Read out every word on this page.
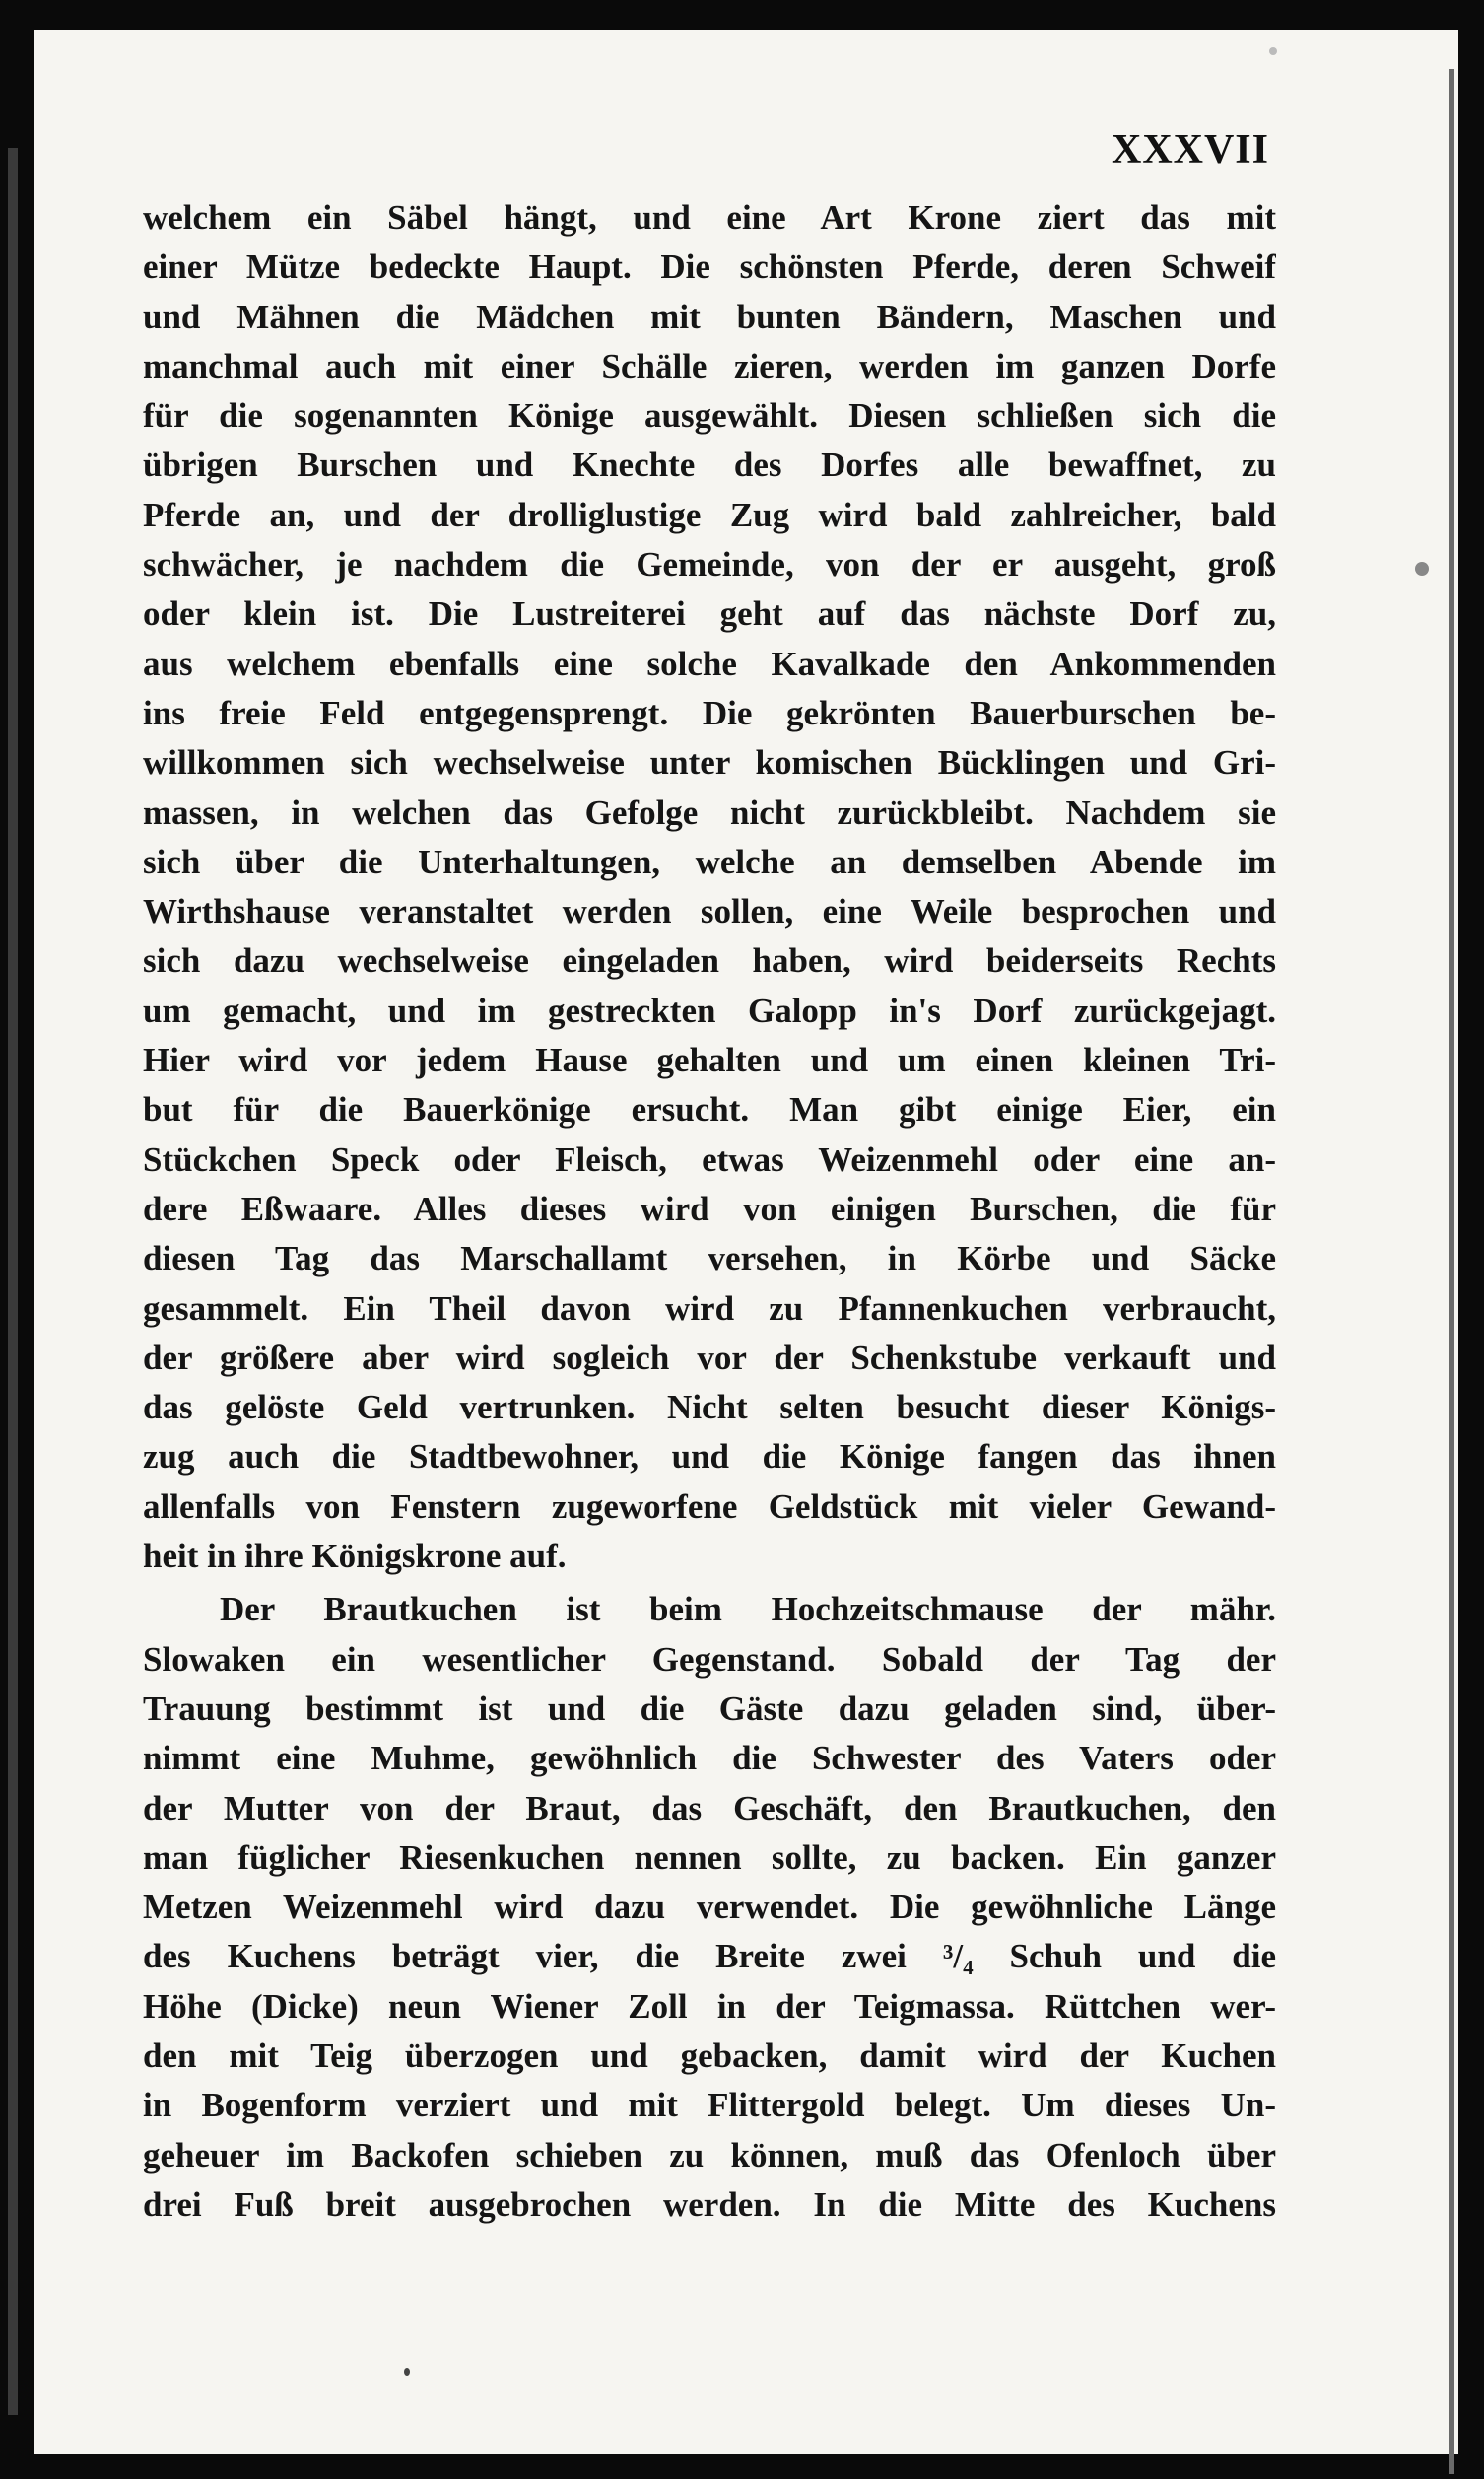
XXXVII
welchem ein Säbel hängt, und eine Art Krone ziert das mit
einer Mütze bedeckte Haupt. Die schönsten Pferde, deren Schweif
und Mähnen die Mädchen mit bunten Bändern, Maschen und
manchmal auch mit einer Schälle zieren, werden im ganzen Dorfe
für die sogenannten Könige ausgewählt. Diesen schließen sich die
übrigen Burschen und Knechte des Dorfes alle bewaffnet, zu
Pferde an, und der drolliglustige Zug wird bald zahlreicher, bald
schwächer, je nachdem die Gemeinde, von der er ausgeht, groß
oder klein ist. Die Lustreiterei geht auf das nächste Dorf zu,
aus welchem ebenfalls eine solche Kavalkade den Ankommenden
ins freie Feld entgegensprengt. Die gekrönten Bauerburschen be-
willkommen sich wechselweise unter komischen Bücklingen und Gri-
massen, in welchen das Gefolge nicht zurückbleibt. Nachdem sie
sich über die Unterhaltungen, welche an demselben Abende im
Wirthshause veranstaltet werden sollen, eine Weile besprochen und
sich dazu wechselweise eingeladen haben, wird beiderseits Rechts
um gemacht, und im gestreckten Galopp in's Dorf zurückgejagt.
Hier wird vor jedem Hause gehalten und um einen kleinen Tri-
but für die Bauerkönige ersucht. Man gibt einige Eier, ein
Stückchen Speck oder Fleisch, etwas Weizenmehl oder eine an-
dere Eßwaare. Alles dieses wird von einigen Burschen, die für
diesen Tag das Marschallamt versehen, in Körbe und Säcke
gesammelt. Ein Theil davon wird zu Pfannenkuchen verbraucht,
der größere aber wird sogleich vor der Schenkstube verkauft und
das gelöste Geld vertrunken. Nicht selten besucht dieser Königs-
zug auch die Stadtbewohner, und die Könige fangen das ihnen
allenfalls von Fenstern zugeworfene Geldstück mit vieler Gewand-
heit in ihre Königskrone auf.
Der Brautkuchen ist beim Hochzeitschmause der mähr.
Slowaken ein wesentlicher Gegenstand. Sobald der Tag der
Trauung bestimmt ist und die Gäste dazu geladen sind, über-
nimmt eine Muhme, gewöhnlich die Schwester des Vaters oder
der Mutter von der Braut, das Geschäft, den Brautkuchen, den
man füglicher Riesenkuchen nennen sollte, zu backen. Ein ganzer
Metzen Weizenmehl wird dazu verwendet. Die gewöhnliche Länge
des Kuchens beträgt vier, die Breite zwei ³/₄ Schuh und die
Höhe (Dicke) neun Wiener Zoll in der Teigmassa. Rüttchen wer-
den mit Teig überzogen und gebacken, damit wird der Kuchen
in Bogenform verziert und mit Flittergold belegt. Um dieses Un-
geheuer im Backofen schieben zu können, muß das Ofenloch über
drei Fuß breit ausgebrochen werden. In die Mitte des Kuchens
